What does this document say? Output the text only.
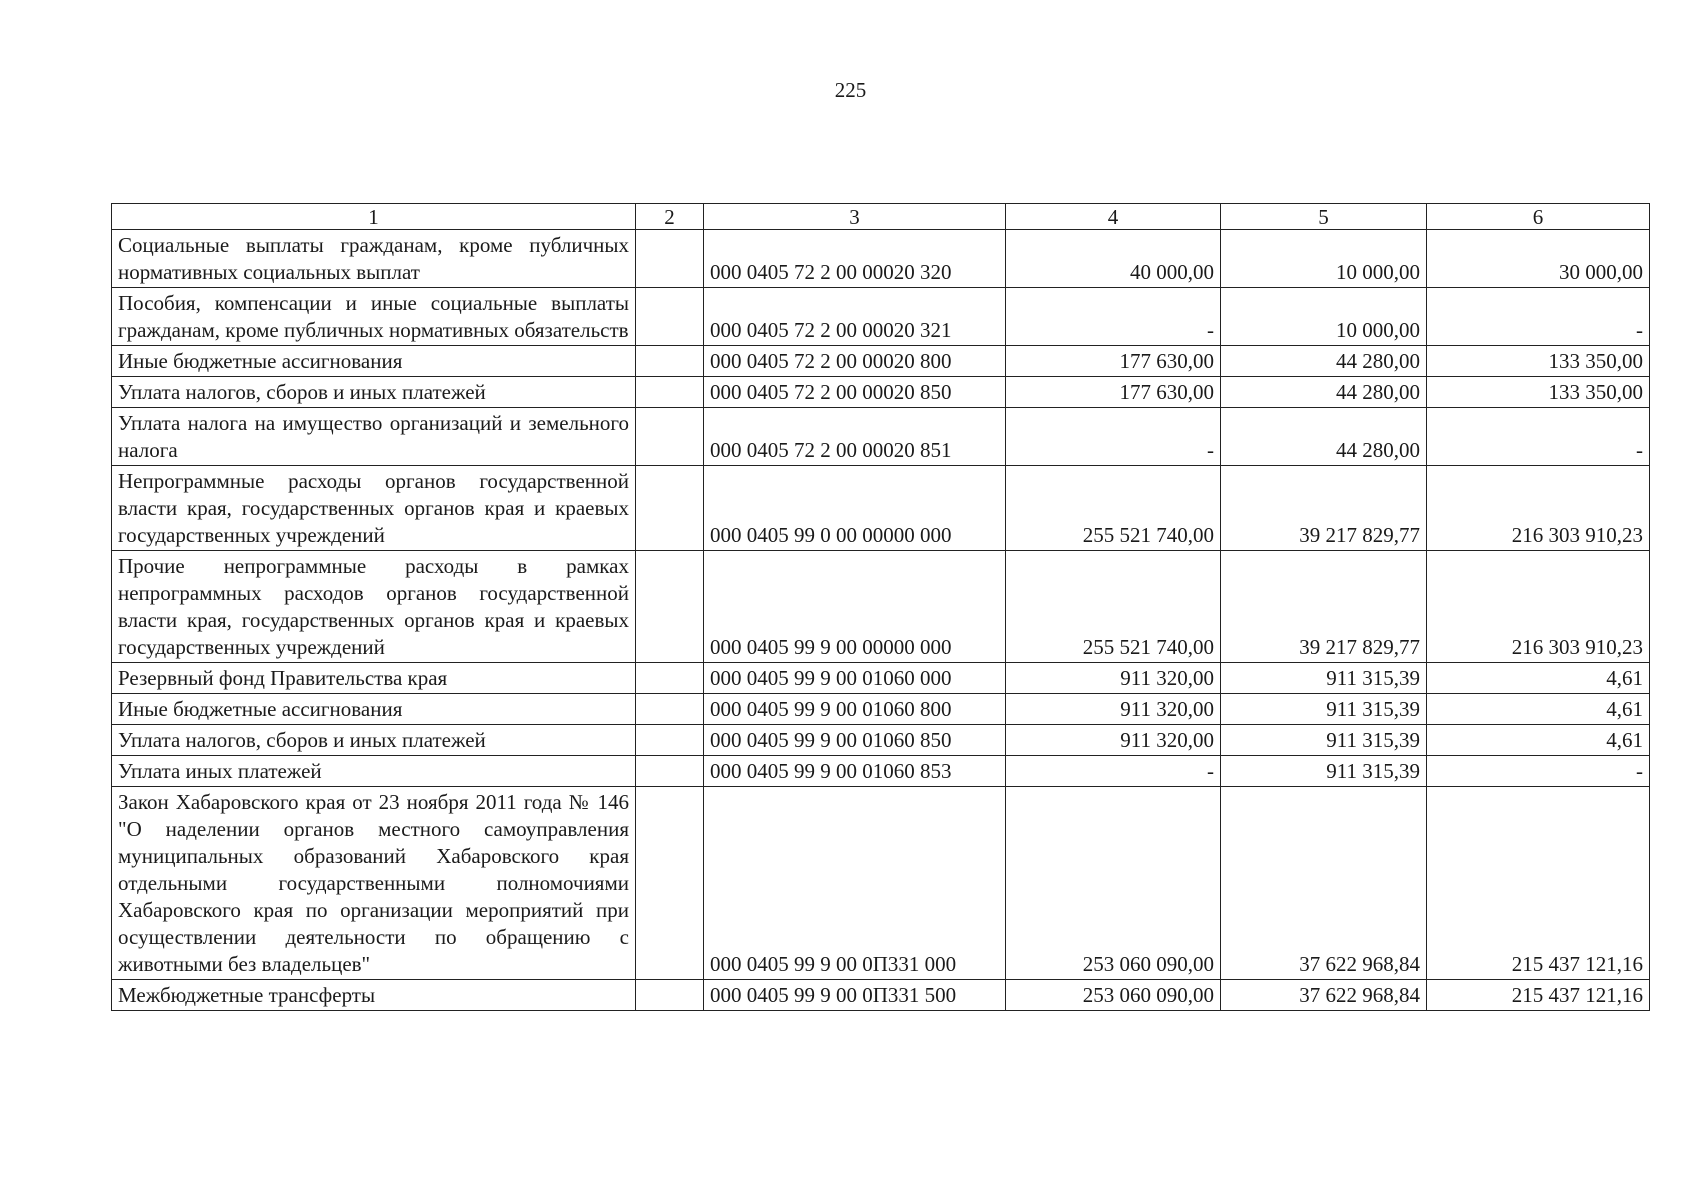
225
1	2	3	4	5	6
Социальные выплаты гражданам, кроме публичных нормативных социальных выплат		000 0405 72 2 00 00020 320	40 000,00	10 000,00	30 000,00
Пособия, компенсации и иные социальные выплаты гражданам, кроме публичных нормативных обязательств		000 0405 72 2 00 00020 321	-	10 000,00	-
Иные бюджетные ассигнования		000 0405 72 2 00 00020 800	177 630,00	44 280,00	133 350,00
Уплата налогов, сборов и иных платежей		000 0405 72 2 00 00020 850	177 630,00	44 280,00	133 350,00
Уплата налога на имущество организаций и земельного налога		000 0405 72 2 00 00020 851	-	44 280,00	-
Непрограммные расходы органов государственной власти края, государственных органов края и краевых государственных учреждений		000 0405 99 0 00 00000 000	255 521 740,00	39 217 829,77	216 303 910,23
Прочие непрограммные расходы в рамках непрограммных расходов органов государственной власти края, государственных органов края и краевых государственных учреждений		000 0405 99 9 00 00000 000	255 521 740,00	39 217 829,77	216 303 910,23
Резервный фонд Правительства края		000 0405 99 9 00 01060 000	911 320,00	911 315,39	4,61
Иные бюджетные ассигнования		000 0405 99 9 00 01060 800	911 320,00	911 315,39	4,61
Уплата налогов, сборов и иных платежей		000 0405 99 9 00 01060 850	911 320,00	911 315,39	4,61
Уплата иных платежей		000 0405 99 9 00 01060 853	-	911 315,39	-
Закон Хабаровского края от 23 ноября 2011 года № 146 "О наделении органов местного самоуправления муниципальных образований Хабаровского края отдельными государственными полномочиями Хабаровского края по организации мероприятий при осуществлении деятельности по обращению с животными без владельцев"		000 0405 99 9 00 0П331 000	253 060 090,00	37 622 968,84	215 437 121,16
Межбюджетные трансферты		000 0405 99 9 00 0П331 500	253 060 090,00	37 622 968,84	215 437 121,16
